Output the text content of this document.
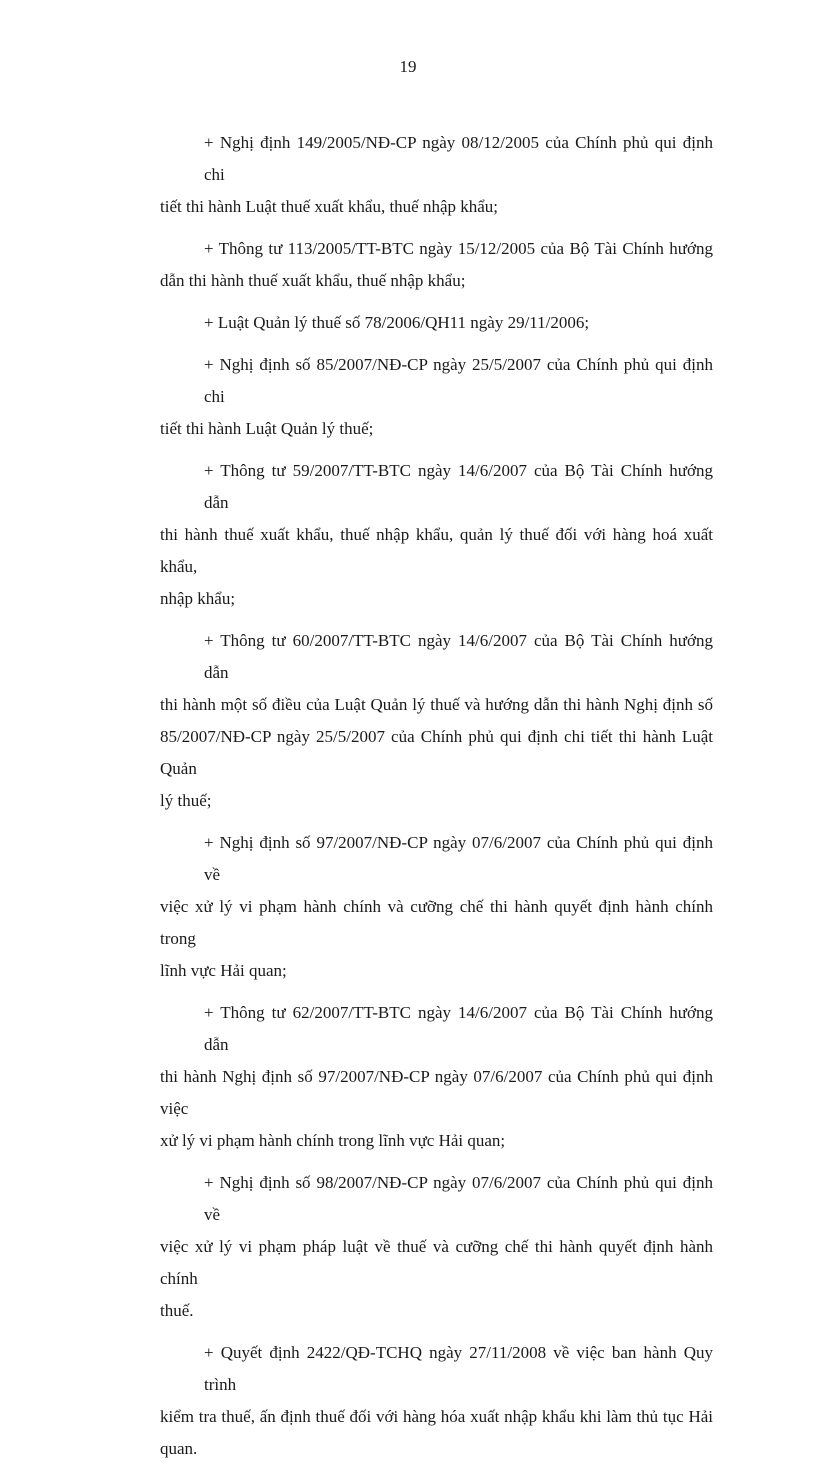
19
+ Nghị định 149/2005/NĐ-CP ngày 08/12/2005 của Chính phủ qui định chi
tiết thi hành Luật thuế xuất khẩu, thuế nhập khẩu;
+ Thông tư 113/2005/TT-BTC ngày 15/12/2005 của Bộ Tài Chính hướng
dẫn thi hành thuế xuất khẩu, thuế nhập khẩu;
+ Luật Quản lý thuế số 78/2006/QH11 ngày 29/11/2006;
+ Nghị định số 85/2007/NĐ-CP ngày 25/5/2007 của Chính phủ qui định chi
tiết thi hành Luật Quản lý thuế;
+ Thông tư 59/2007/TT-BTC ngày 14/6/2007 của Bộ Tài Chính hướng dẫn
thi hành thuế xuất khẩu, thuế nhập khẩu, quản lý thuế đối với hàng hoá xuất khẩu,
nhập khẩu;
+ Thông tư 60/2007/TT-BTC ngày 14/6/2007 của Bộ Tài Chính hướng dẫn
thi hành một số điều của Luật Quản lý thuế và hướng dẫn thi hành Nghị định số
85/2007/NĐ-CP ngày 25/5/2007 của Chính phủ qui định chi tiết thi hành Luật Quản
lý thuế;
+ Nghị định số 97/2007/NĐ-CP ngày 07/6/2007 của Chính phủ qui định về
việc xử lý vi phạm hành chính và cưỡng chế thi hành quyết định hành chính trong
lĩnh vực Hải quan;
+ Thông tư 62/2007/TT-BTC ngày 14/6/2007 của Bộ Tài Chính hướng dẫn
thi hành Nghị định số 97/2007/NĐ-CP ngày 07/6/2007 của Chính phủ qui định việc
xử lý vi phạm hành chính trong lĩnh vực Hải quan;
+ Nghị định số 98/2007/NĐ-CP ngày 07/6/2007 của Chính phủ qui định về
việc xử lý vi phạm pháp luật về thuế và cưỡng chế thi hành quyết định hành chính
thuế.
+ Quyết định 2422/QĐ-TCHQ ngày 27/11/2008 về việc ban hành Quy trình
kiểm tra thuế, ấn định thuế đối với hàng hóa xuất nhập khẩu khi làm thủ tục Hải
quan.
